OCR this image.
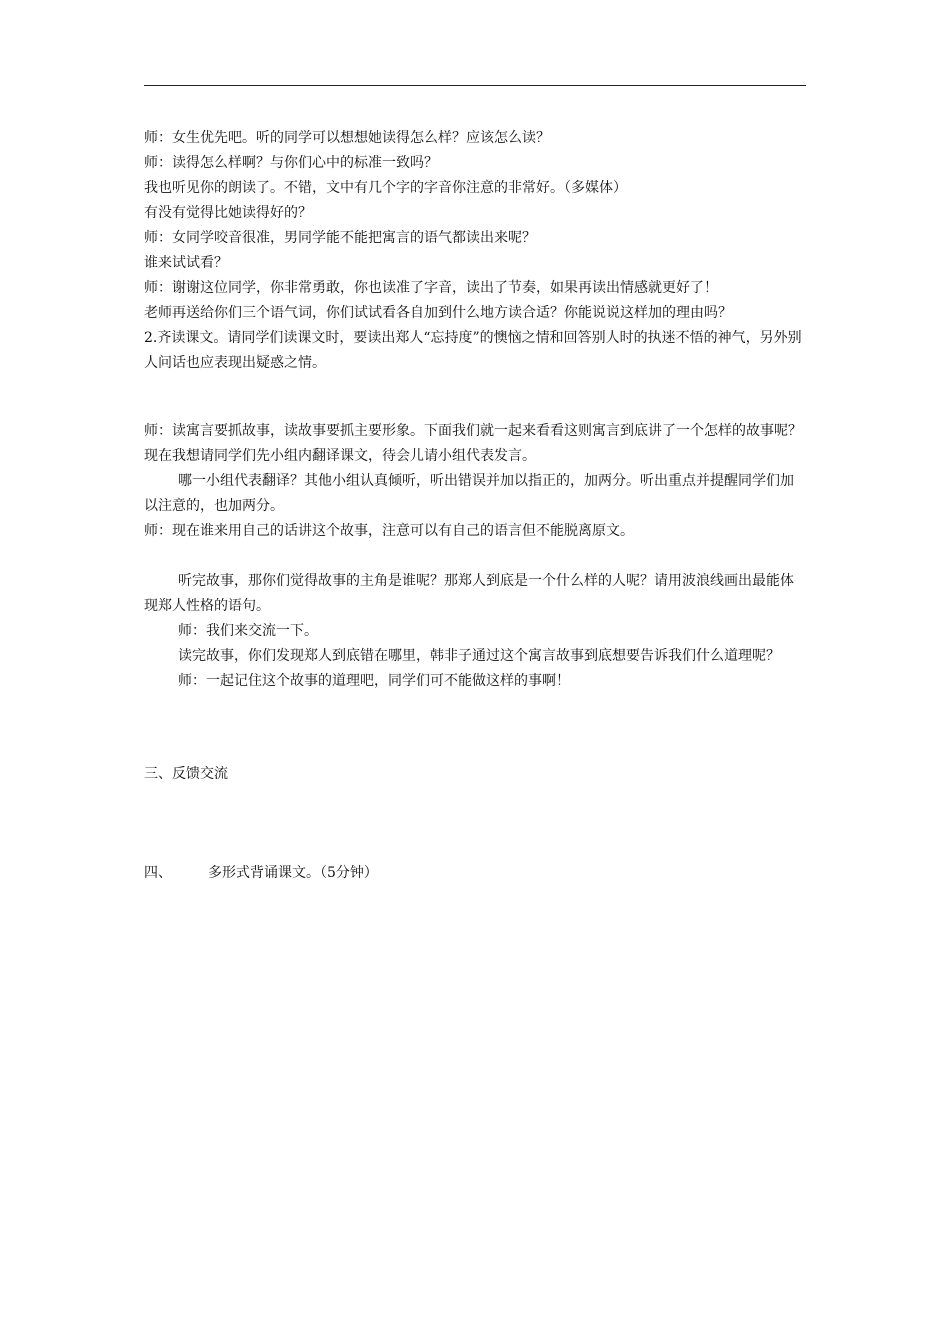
师：女生优先吧。听的同学可以想想她读得怎么样？应该怎么读？

师：读得怎么样啊？与你们心中的标准一致吗？

我也听见你的朗读了。不错，文中有几个字的字音你注意的非常好。（多媒体）

有没有觉得比她读得好的？

师：女同学咬音很准，男同学能不能把寓言的语气都读出来呢？

谁来试试看？

师：谢谢这位同学，你非常勇敢，你也读准了字音，读出了节奏，如果再读出情感就更好了！

老师再送给你们三个语气词，你们试试看各自加到什么地方读合适？你能说说这样加的理由吗？

2.齐读课文。请同学们读课文时，要读出郑人“忘持度”的懊恼之情和回答别人时的执迷不悟的神气，另外别人问话也应表现出疑惑之情。

师：读寓言要抓故事，读故事要抓主要形象。下面我们就一起来看看这则寓言到底讲了一个怎样的故事呢？现在我想请同学们先小组内翻译课文，待会儿请小组代表发言。

哪一小组代表翻译？其他小组认真倾听，听出错误并加以指正的，加两分。听出重点并提醒同学们加以注意的，也加两分。

师：现在谁来用自己的话讲这个故事，注意可以有自己的语言但不能脱离原文。

听完故事，那你们觉得故事的主角是谁呢？那郑人到底是一个什么样的人呢？请用波浪线画出最能体现郑人性格的语句。

师：我们来交流一下。

读完故事，你们发现郑人到底错在哪里，韩非子通过这个寓言故事到底想要告诉我们什么道理呢？

师：一起记住这个故事的道理吧，同学们可不能做这样的事啊！

三、反馈交流

四、	多形式背诵课文。（5分钟）
